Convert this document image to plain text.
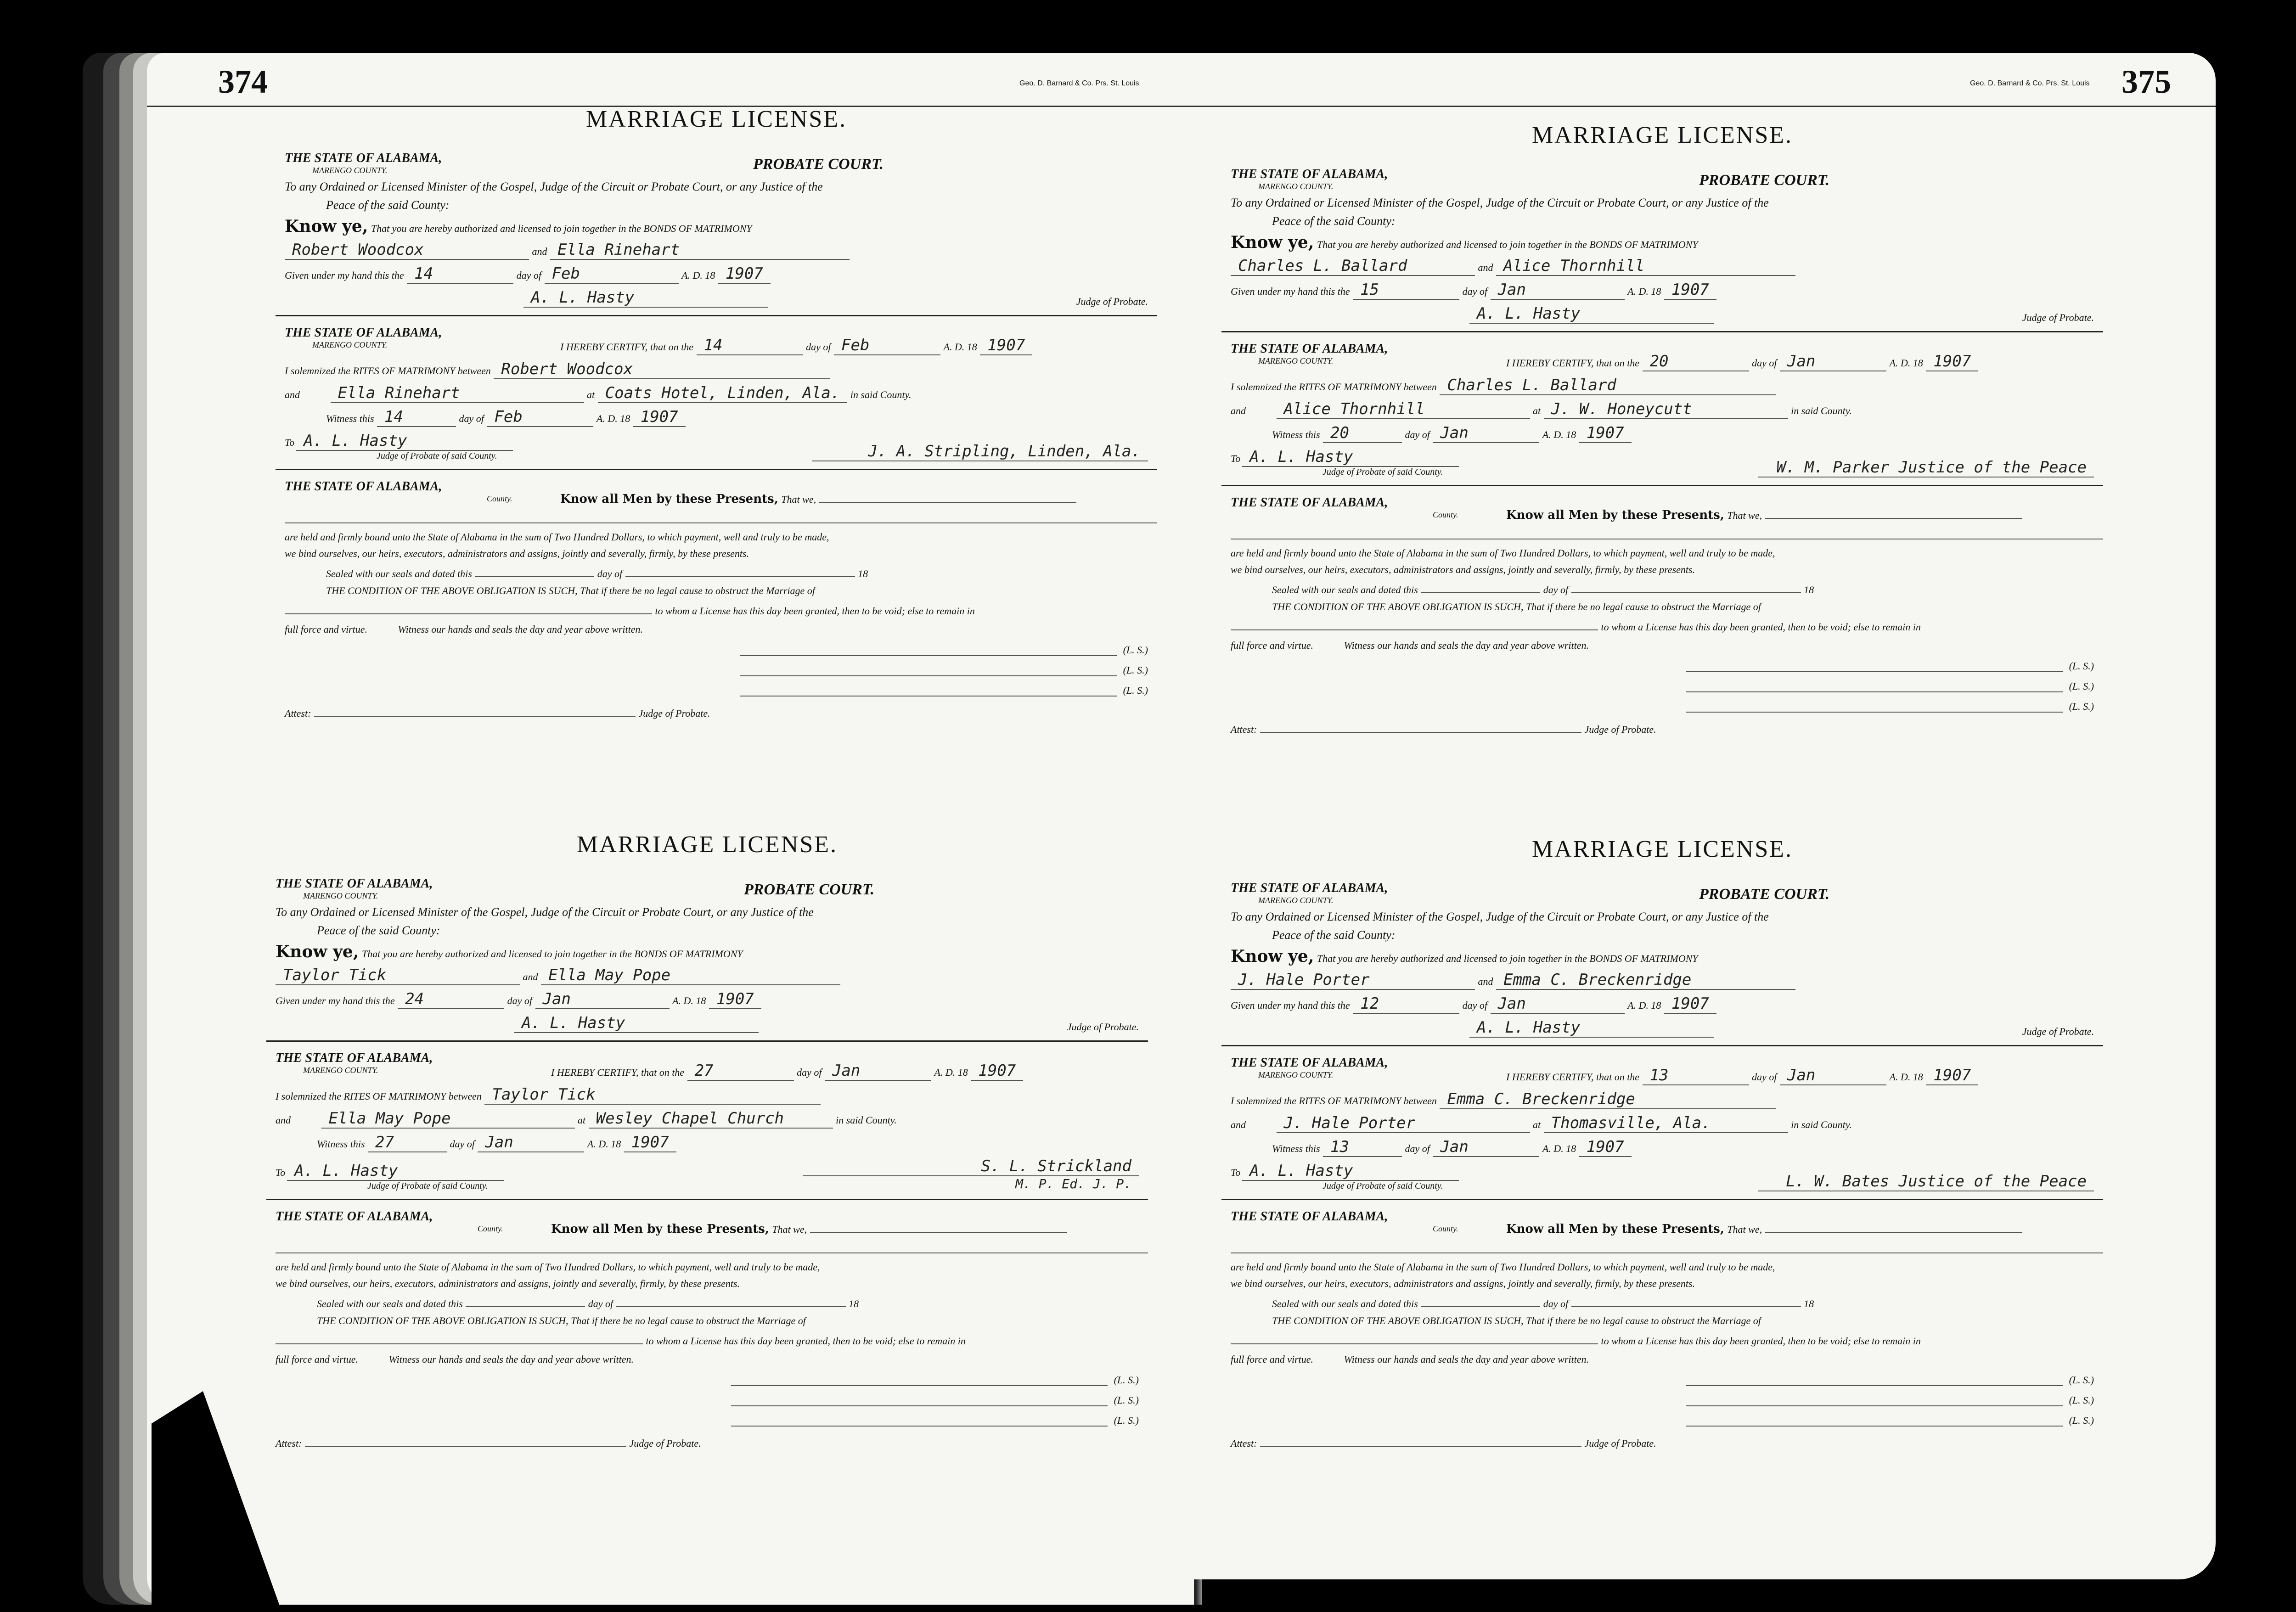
374	Geo. D. Barnard & Co. Prs. St. Louis	375
Geo. D. Barnard & Co. Prs. St. Louis
MARRIAGE LICENSE.
THE STATE OF ALABAMA,
MARENGO COUNTY.	PROBATE COURT.
To any Ordained or Licensed Minister of the Gospel, Judge of the Circuit or Probate Court, or any Justice of the
Peace of the said County:
Know ye, That you are hereby authorized and licensed to join together in the BONDS OF MATRIMONY
Robert Woodcox	and Ella Rinehart
Given under my hand this the 14	day of Feb	A. D. 18 1907
A. L. Hasty	Judge of Probate.
THE STATE OF ALABAMA,
MARENGO COUNTY.	I HEREBY CERTIFY, that on the 14	day of Feb	A. D. 18 1907
I solemnized the RITES OF MATRIMONY between Robert Woodcox
and Ella Rinehart	at Coats Hotel, Linden, Ala. in said County.
Witness this 14	day of Feb	A. D. 18 1907
To A. L. Hasty
Judge of Probate of said County.	J. A. Stripling, Linden, Ala.
THE STATE OF ALABAMA,
County.	Know all Men by these Presents, That we,
are held and firmly bound unto the State of Alabama in the sum of Two Hundred Dollars, to which payment, well and truly to be made,
we bind ourselves, our heirs, executors, administrators and assigns, jointly and severally, firmly, by these presents.
Sealed with our seals and dated this	day of	18
THE CONDITION OF THE ABOVE OBLIGATION IS SUCH, That if there be no legal cause to obstruct the Marriage of
to whom a License has this day been granted, then to be void; else to remain in
full force and virtue.	Witness our hands and seals the day and year above written.
(L. S.)
(L. S.)
(L. S.)
Attest:	Judge of Probate.
MARRIAGE LICENSE.
THE STATE OF ALABAMA,
MARENGO COUNTY.	PROBATE COURT.
To any Ordained or Licensed Minister of the Gospel, Judge of the Circuit or Probate Court, or any Justice of the
Peace of the said County:
Know ye, That you are hereby authorized and licensed to join together in the BONDS OF MATRIMONY
Taylor Tick	and Ella May Pope
Given under my hand this the 24	day of Jan	A. D. 18 1907
A. L. Hasty	Judge of Probate.
THE STATE OF ALABAMA,
MARENGO COUNTY.	I HEREBY CERTIFY, that on the 27	day of Jan	A. D. 18 1907
I solemnized the RITES OF MATRIMONY between Taylor Tick
and Ella May Pope	at Wesley Chapel Church	in said County.
Witness this 27	day of Jan	A. D. 18 1907
To A. L. Hasty
Judge of Probate of said County.
S. L. Strickland
M. P. Ed. J. P.
THE STATE OF ALABAMA,
County.	Know all Men by these Presents, That we,
are held and firmly bound unto the State of Alabama in the sum of Two Hundred Dollars, to which payment, well and truly to be made,
we bind ourselves, our heirs, executors, administrators and assigns, jointly and severally, firmly, by these presents.
Sealed with our seals and dated this	day of	18
THE CONDITION OF THE ABOVE OBLIGATION IS SUCH, That if there be no legal cause to obstruct the Marriage of
to whom a License has this day been granted, then to be void; else to remain in
full force and virtue.	Witness our hands and seals the day and year above written.
(L. S.)
(L. S.)
(L. S.)
Attest:	Judge of Probate.
MARRIAGE LICENSE.
THE STATE OF ALABAMA,
MARENGO COUNTY.	PROBATE COURT.
To any Ordained or Licensed Minister of the Gospel, Judge of the Circuit or Probate Court, or any Justice of the
Peace of the said County:
Know ye, That you are hereby authorized and licensed to join together in the BONDS OF MATRIMONY
Charles L. Ballard	and Alice Thornhill
Given under my hand this the 15	day of Jan	A. D. 18 1907
A. L. Hasty	Judge of Probate.
THE STATE OF ALABAMA,
MARENGO COUNTY.	I HEREBY CERTIFY, that on the 20	day of Jan	A. D. 18 1907
I solemnized the RITES OF MATRIMONY between Charles L. Ballard
and Alice Thornhill	at J. W. Honeycutt	in said County.
Witness this 20	day of Jan	A. D. 18 1907
To A. L. Hasty
Judge of Probate of said County.	W. M. Parker Justice of the Peace
THE STATE OF ALABAMA,
County.	Know all Men by these Presents, That we,
are held and firmly bound unto the State of Alabama in the sum of Two Hundred Dollars, to which payment, well and truly to be made,
we bind ourselves, our heirs, executors, administrators and assigns, jointly and severally, firmly, by these presents.
Sealed with our seals and dated this	day of	18
THE CONDITION OF THE ABOVE OBLIGATION IS SUCH, That if there be no legal cause to obstruct the Marriage of
to whom a License has this day been granted, then to be void; else to remain in
full force and virtue.	Witness our hands and seals the day and year above written.
(L. S.)
(L. S.)
(L. S.)
Attest:	Judge of Probate.
MARRIAGE LICENSE.
THE STATE OF ALABAMA,
MARENGO COUNTY.	PROBATE COURT.
To any Ordained or Licensed Minister of the Gospel, Judge of the Circuit or Probate Court, or any Justice of the
Peace of the said County:
Know ye, That you are hereby authorized and licensed to join together in the BONDS OF MATRIMONY
J. Hale Porter	and Emma C. Breckenridge
Given under my hand this the 12	day of Jan	A. D. 18 1907
A. L. Hasty	Judge of Probate.
THE STATE OF ALABAMA,
MARENGO COUNTY.	I HEREBY CERTIFY, that on the 13	day of Jan	A. D. 18 1907
I solemnized the RITES OF MATRIMONY between Emma C. Breckenridge
and J. Hale Porter	at Thomasville, Ala.	in said County.
Witness this 13	day of Jan	A. D. 18 1907
To A. L. Hasty
Judge of Probate of said County.	L. W. Bates Justice of the Peace
THE STATE OF ALABAMA,
County.	Know all Men by these Presents, That we,
are held and firmly bound unto the State of Alabama in the sum of Two Hundred Dollars, to which payment, well and truly to be made,
we bind ourselves, our heirs, executors, administrators and assigns, jointly and severally, firmly, by these presents.
Sealed with our seals and dated this	day of	18
THE CONDITION OF THE ABOVE OBLIGATION IS SUCH, That if there be no legal cause to obstruct the Marriage of
to whom a License has this day been granted, then to be void; else to remain in
full force and virtue.	Witness our hands and seals the day and year above written.
(L. S.)
(L. S.)
(L. S.)
Attest:	Judge of Probate.
